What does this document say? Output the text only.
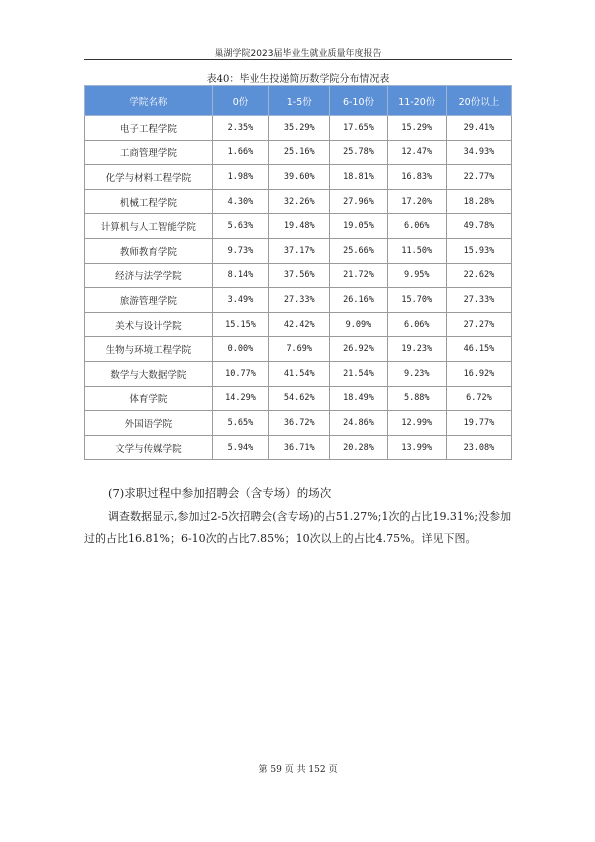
巢湖学院2023届毕业生就业质量年度报告
表40：毕业生投递简历数学院分布情况表
学院名称	0份	1-5份	6-10份	11-20份	20份以上
电子工程学院	2.35%	35.29%	17.65%	15.29%	29.41%
工商管理学院	1.66%	25.16%	25.78%	12.47%	34.93%
化学与材料工程学院	1.98%	39.60%	18.81%	16.83%	22.77%
机械工程学院	4.30%	32.26%	27.96%	17.20%	18.28%
计算机与人工智能学院	5.63%	19.48%	19.05%	6.06%	49.78%
教师教育学院	9.73%	37.17%	25.66%	11.50%	15.93%
经济与法学学院	8.14%	37.56%	21.72%	9.95%	22.62%
旅游管理学院	3.49%	27.33%	26.16%	15.70%	27.33%
美术与设计学院	15.15%	42.42%	9.09%	6.06%	27.27%
生物与环境工程学院	0.00%	7.69%	26.92%	19.23%	46.15%
数学与大数据学院	10.77%	41.54%	21.54%	9.23%	16.92%
体育学院	14.29%	54.62%	18.49%	5.88%	6.72%
外国语学院	5.65%	36.72%	24.86%	12.99%	19.77%
文学与传媒学院	5.94%	36.71%	20.28%	13.99%	23.08%
(7)求职过程中参加招聘会（含专场）的场次
调查数据显示,参加过2-5次招聘会(含专场)的占51.27%;1次的占比19.31%;没参加过的占比16.81%；6-10次的占比7.85%；10次以上的占比4.75%。详见下图。
第 59 页 共 152 页
